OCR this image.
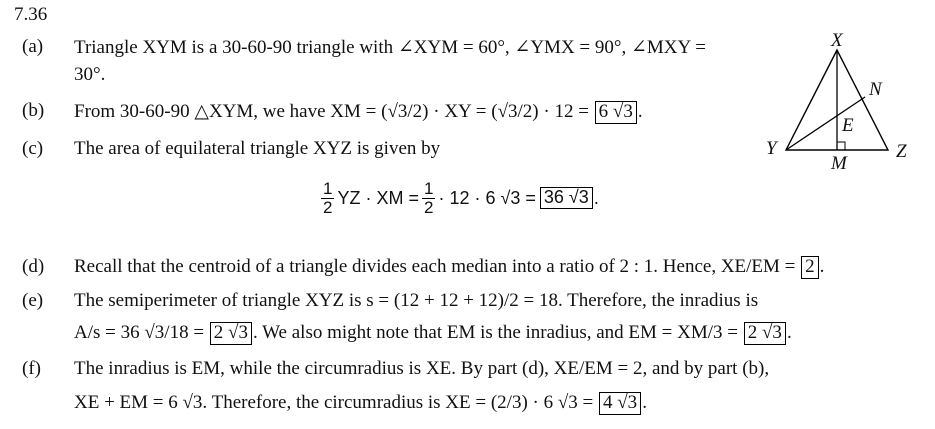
7.36
(a) Triangle XYM is a 30-60-90 triangle with ∠XYM = 60°, ∠YMX = 90°, ∠MXY =
30°.
(b) From 30-60-90 △XYM, we have XM = (√3/2) · XY = (√3/2) · 12 = 6 √3 .
(c) The area of equilateral triangle XYZ is given by
$\frac{1}{2}$ YZ · XM = $\frac{1}{2} \cdot 12 \cdot 6$ √3 = 36 √3 .
(d) Recall that the centroid of a triangle divides each median into a ratio of 2 : 1. Hence, XE/EM = 2 .
(e) The semiperimeter of triangle XYZ is s = (12 + 12 + 12)/2 = 18. Therefore, the inradius is
A/s = 36 √3/18 = 2 √3 . We also might note that EM is the inradius, and EM = XM/3 = 2 √3 .
(f) The inradius is EM, while the circumradius is XE. By part (d), XE/EM = 2, and by part (b),
XE + EM = 6 √3. Therefore, the circumradius is XE = (2/3) · 6 √3 = 4 √3 .
X
Y	Z
M
N
E
